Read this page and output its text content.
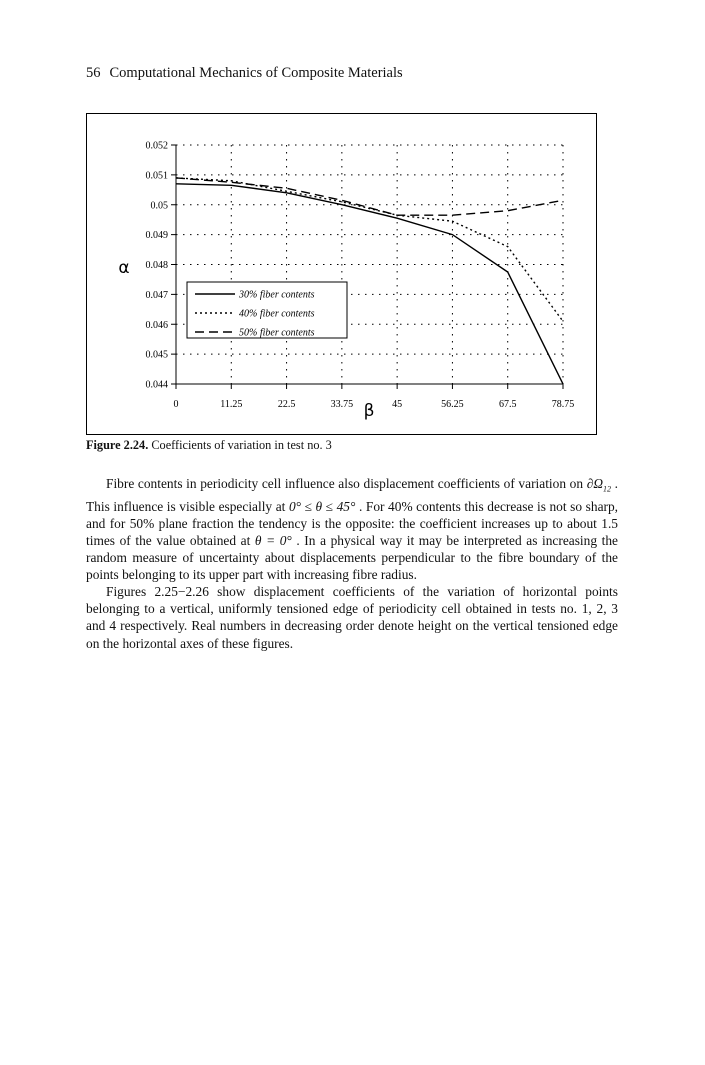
56 Computational Mechanics of Composite Materials
0.044
0.045
0.046
0.047
0.048
0.049
0.05
0.051
0.052
0	11.25	22.5	33.75	45	56.25	67.5	78.75
α
β
30% fiber contents
40% fiber contents
50% fiber contents
Figure 2.24. Coefficients of variation in test no. 3

Fibre contents in periodicity cell influence also displacement coefficients of variation on $\partial\Omega_{12}$ . This influence is visible especially at 0° ≤ θ ≤ 45° . For 40% contents this decrease is not so sharp, and for 50% plane fraction the tendency is the opposite: the coefficient increases up to about 1.5 times of the value obtained at θ = 0° . In a physical way it may be interpreted as increasing the random measure of uncertainty about displacements perpendicular to the fibre boundary of the points belonging to its upper part with increasing fibre radius.

Figures 2.25−2.26 show displacement coefficients of the variation of horizontal points belonging to a vertical, uniformly tensioned edge of periodicity cell obtained in tests no. 1, 2, 3 and 4 respectively. Real numbers in decreasing order denote height on the vertical tensioned edge on the horizontal axes of these figures.
